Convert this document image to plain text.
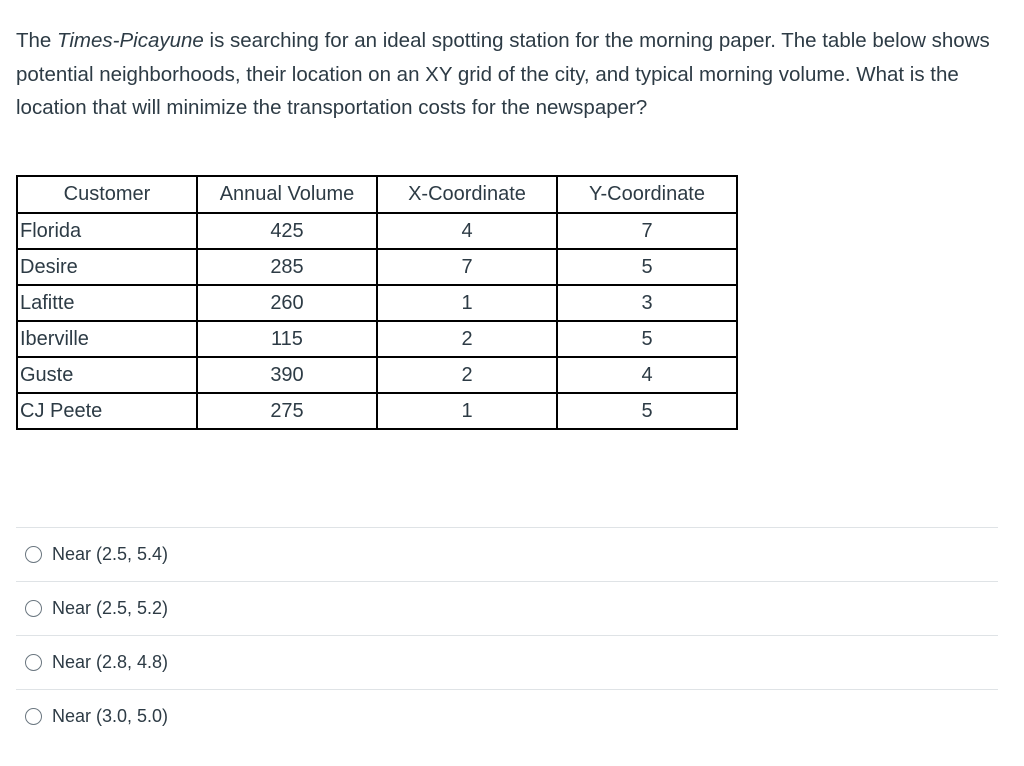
The Times-Picayune is searching for an ideal spotting station for the morning paper. The table below shows potential neighborhoods, their location on an XY grid of the city, and typical morning volume. What is the location that will minimize the transportation costs for the newspaper?
Customer	Annual Volume	X-Coordinate	Y-Coordinate
Florida	425	4	7
Desire	285	7	5
Lafitte	260	1	3
Iberville	115	2	5
Guste	390	2	4
CJ Peete	275	1	5
Near (2.5, 5.4)
Near (2.5, 5.2)
Near (2.8, 4.8)
Near (3.0, 5.0)
